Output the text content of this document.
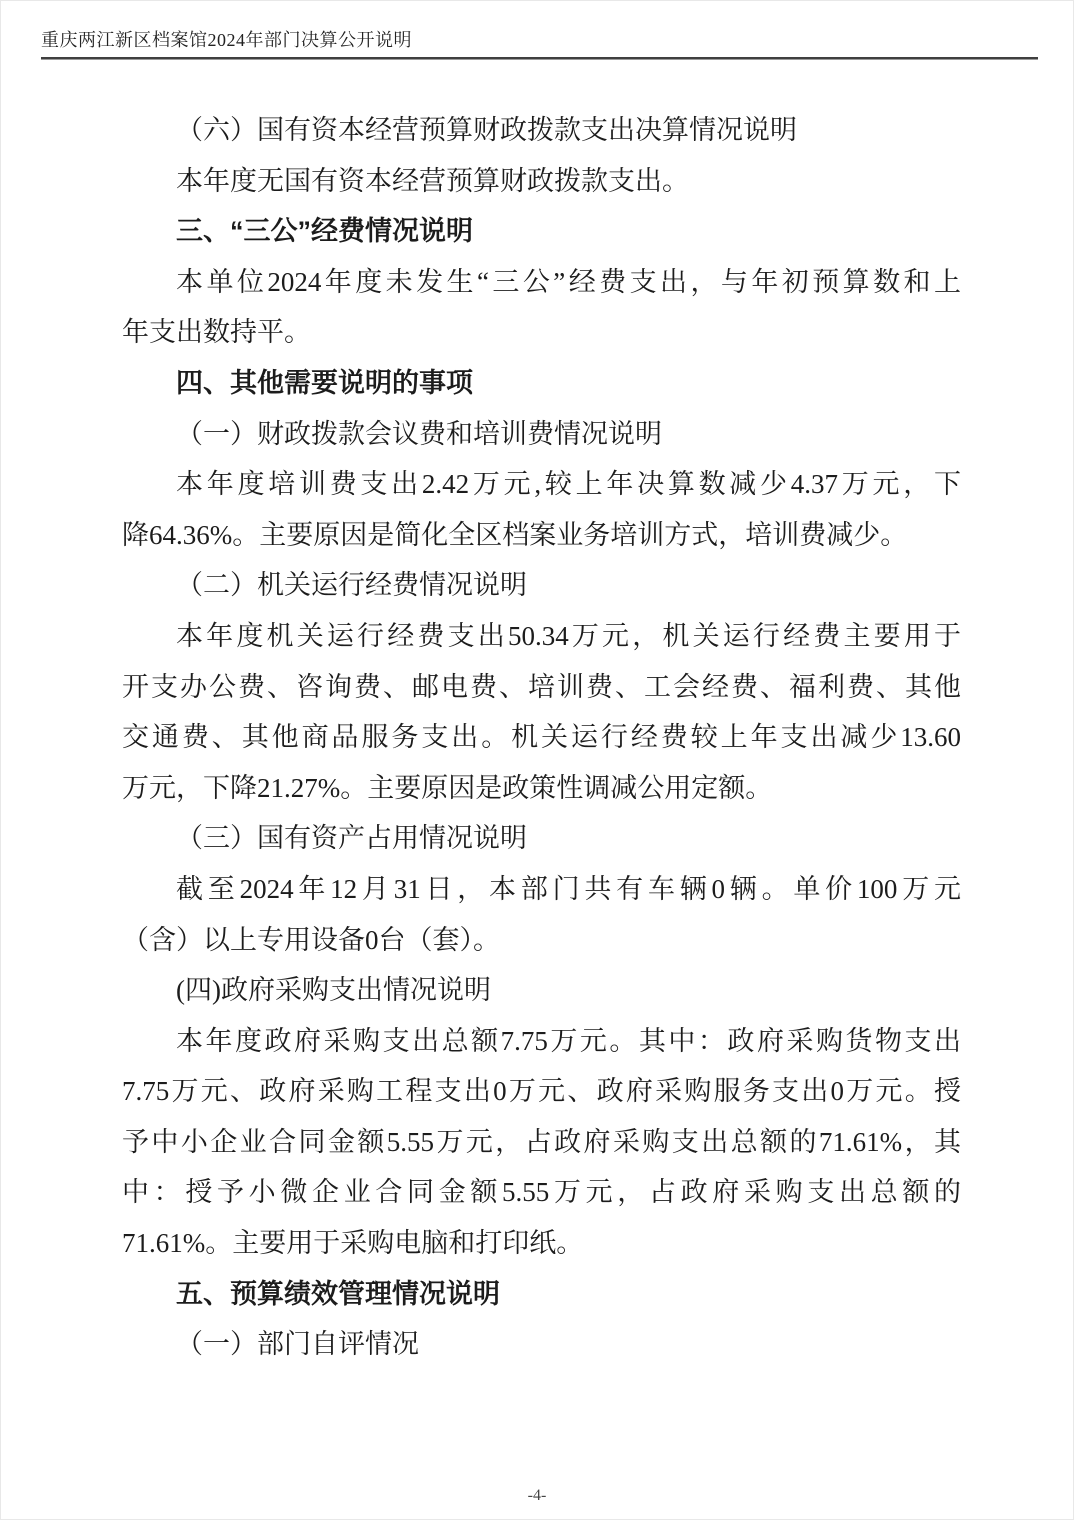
重庆两江新区档案馆2024年部门决算公开说明
（六）国有资本经营预算财政拨款支出决算情况说明
本年度无国有资本经营预算财政拨款支出。
三、“三公”经费情况说明
本单位2024年度未发生“三公”经费支出，与年初预算数和上
年支出数持平。
四、其他需要说明的事项
（一）财政拨款会议费和培训费情况说明
本年度培训费支出2.42万元,较上年决算数减少4.37万元，下
降64.36%。主要原因是简化全区档案业务培训方式，培训费减少。
（二）机关运行经费情况说明
本年度机关运行经费支出50.34万元，机关运行经费主要用于
开支办公费、咨询费、邮电费、培训费、工会经费、福利费、其他
交通费、其他商品服务支出。机关运行经费较上年支出减少13.60
万元，下降21.27%。主要原因是政策性调减公用定额。
（三）国有资产占用情况说明
截至2024年12月31日，本部门共有车辆0辆。单价100万元
（含）以上专用设备0台（套）。
(四)政府采购支出情况说明
本年度政府采购支出总额7.75万元。其中：政府采购货物支出
7.75万元、政府采购工程支出0万元、政府采购服务支出0万元。授
予中小企业合同金额5.55万元，占政府采购支出总额的71.61%，其
中：授予小微企业合同金额5.55万元，占政府采购支出总额的
71.61%。主要用于采购电脑和打印纸。
五、预算绩效管理情况说明
（一）部门自评情况
-4-
